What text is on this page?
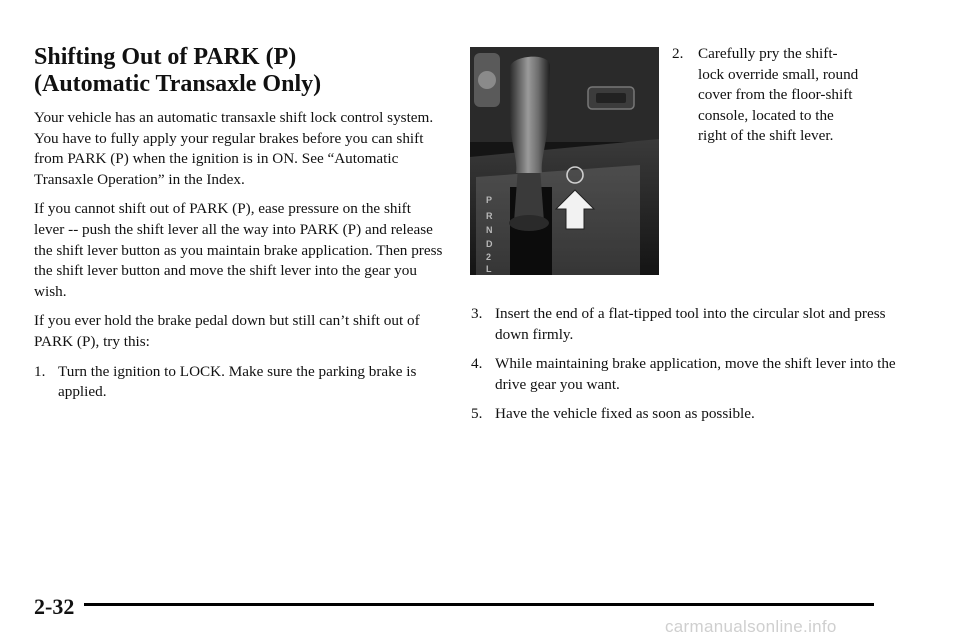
Shifting Out of PARK (P)
(Automatic Transaxle Only)

Your vehicle has an automatic transaxle shift lock control system. You have to fully apply your regular brakes before you can shift from PARK (P) when the ignition is in ON. See “Automatic Transaxle Operation” in the Index.

If you cannot shift out of PARK (P), ease pressure on the shift lever -- push the shift lever all the way into PARK (P) and release the shift lever button as you maintain brake application. Then press the shift lever button and move the shift lever into the gear you wish.

If you ever hold the brake pedal down but still can’t shift out of PARK (P), try this:

1. Turn the ignition to LOCK. Make sure the parking brake is applied.
P
R
N
D
2
L
2. Carefully pry the shift-lock override small, round cover from the floor-shift console, located to the right of the shift lever.
3. Insert the end of a flat-tipped tool into the circular slot and press down firmly.
4. While maintaining brake application, move the shift lever into the drive gear you want.
5. Have the vehicle fixed as soon as possible.
2-32
carmanualsonline.info
